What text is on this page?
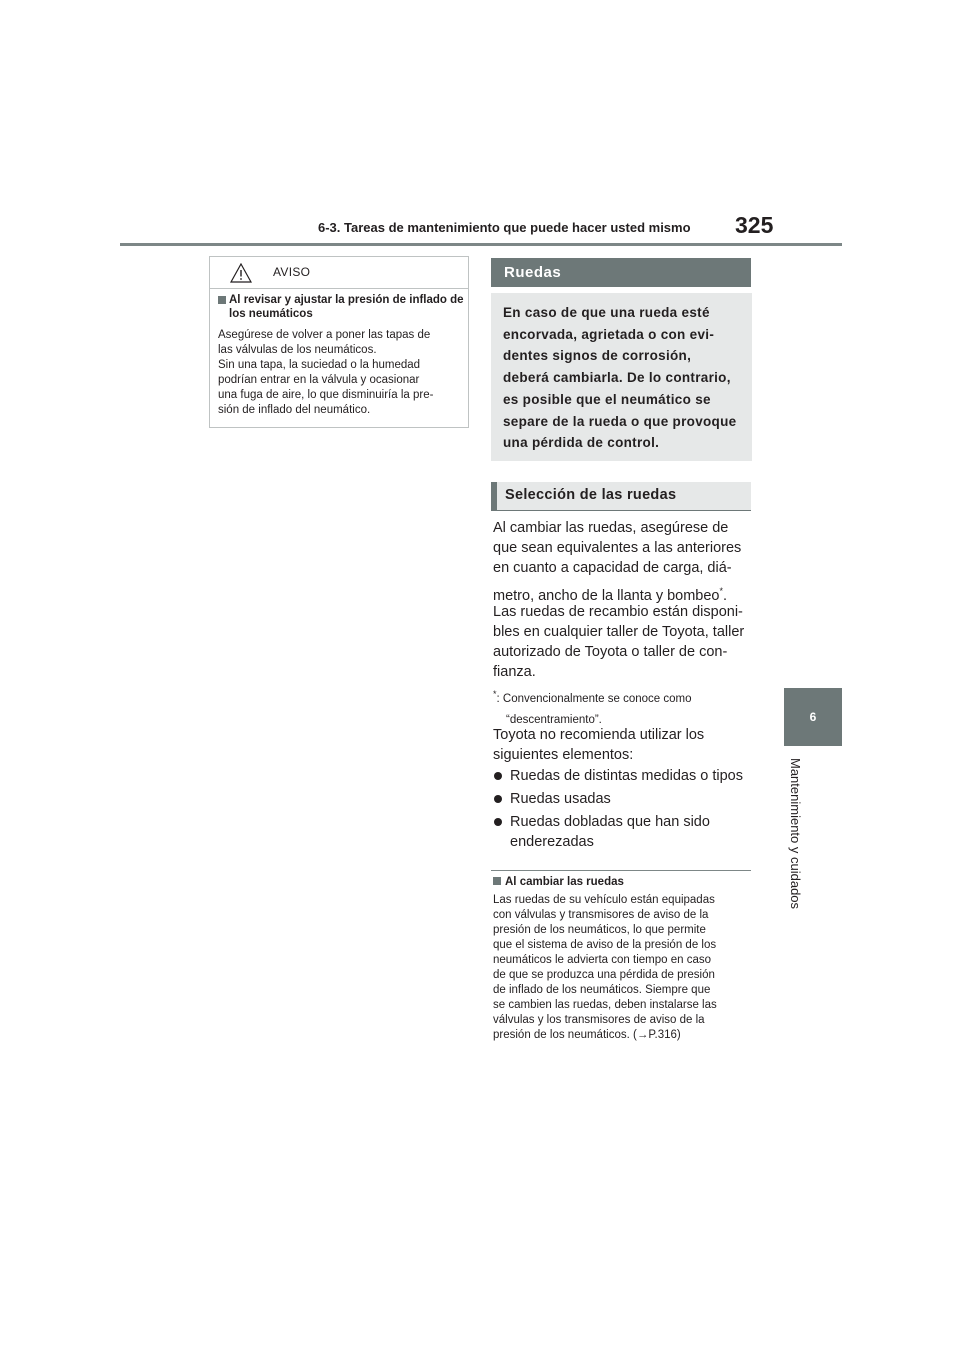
6-3. Tareas de mantenimiento que puede hacer usted mismo 325
6
Mantenimiento y cuidados
AVISO
Al revisar y ajustar la presión de inflado de los neumáticos
Asegúrese de volver a poner las tapas de
las válvulas de los neumáticos.
Sin una tapa, la suciedad o la humedad
podrían entrar en la válvula y ocasionar
una fuga de aire, lo que disminuiría la pre-
sión de inflado del neumático.
Ruedas
En caso de que una rueda esté
encorvada, agrietada o con evi-
dentes signos de corrosión,
deberá cambiarla. De lo contrario,
es posible que el neumático se
separe de la rueda o que provoque
una pérdida de control.
Selección de las ruedas
Al cambiar las ruedas, asegúrese de
que sean equivalentes a las anteriores
en cuanto a capacidad de carga, diá-
metro, ancho de la llanta y bombeo*.
Las ruedas de recambio están disponi-
bles en cualquier taller de Toyota, taller
autorizado de Toyota o taller de con-
fianza.
*: Convencionalmente se conoce como
“descentramiento”.
Toyota no recomienda utilizar los
siguientes elementos:
Ruedas de distintas medidas o tipos
Ruedas usadas
Ruedas dobladas que han sido enderezadas
Al cambiar las ruedas
Las ruedas de su vehículo están equipadas
con válvulas y transmisores de aviso de la
presión de los neumáticos, lo que permite
que el sistema de aviso de la presión de los
neumáticos le advierta con tiempo en caso
de que se produzca una pérdida de presión
de inflado de los neumáticos. Siempre que
se cambien las ruedas, deben instalarse las
válvulas y los transmisores de aviso de la
presión de los neumáticos. (→P.316)
